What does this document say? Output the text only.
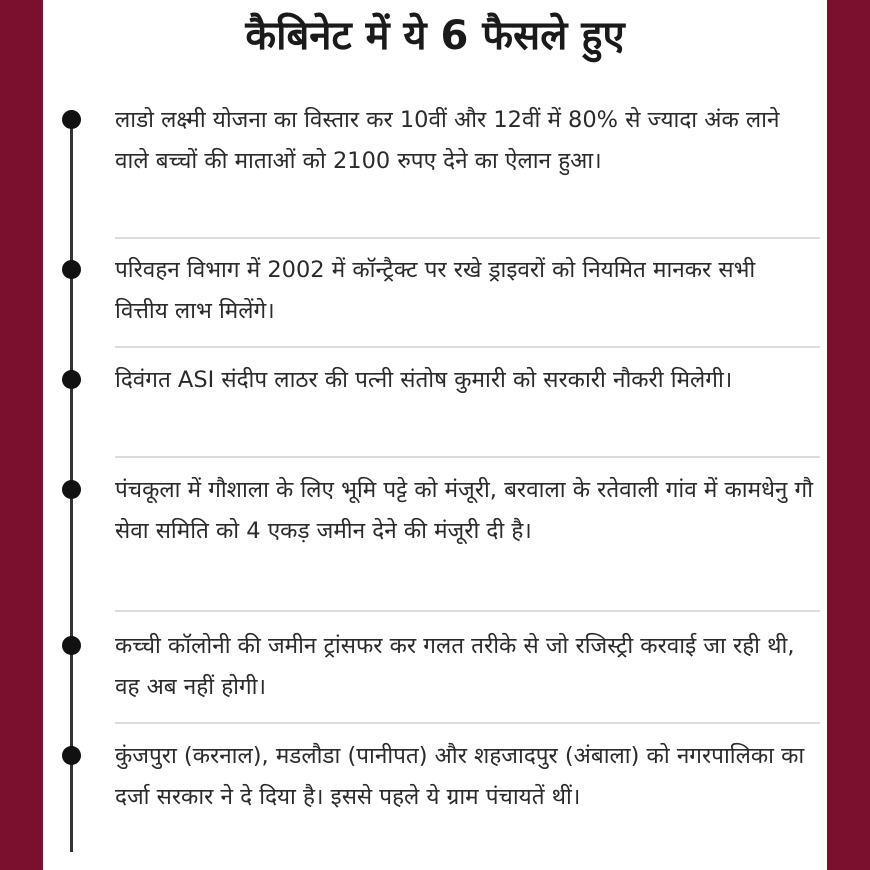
कैबिनेट में ये 6 फैसले हुए
लाडो लक्ष्मी योजना का विस्तार कर 10वीं और 12वीं में 80% से ज्यादा अंक लाने वाले बच्चों की माताओं को 2100 रुपए देने का ऐलान हुआ।
परिवहन विभाग में 2002 में कॉन्ट्रैक्ट पर रखे ड्राइवरों को नियमित मानकर सभी वित्तीय लाभ मिलेंगे।
दिवंगत ASI संदीप लाठर की पत्नी संतोष कुमारी को सरकारी नौकरी मिलेगी।
पंचकूला में गौशाला के लिए भूमि पट्टे को मंजूरी, बरवाला के रतेवाली गांव में कामधेनु गौ सेवा समिति को 4 एकड़ जमीन देने की मंजूरी दी है।
कच्ची कॉलोनी की जमीन ट्रांसफर कर गलत तरीके से जो रजिस्ट्री करवाई जा रही थी, वह अब नहीं होगी।
कुंजपुरा (करनाल), मडलौडा (पानीपत) और शहजादपुर (अंबाला) को नगरपालिका का दर्जा सरकार ने दे दिया है। इससे पहले ये ग्राम पंचायतें थीं।
